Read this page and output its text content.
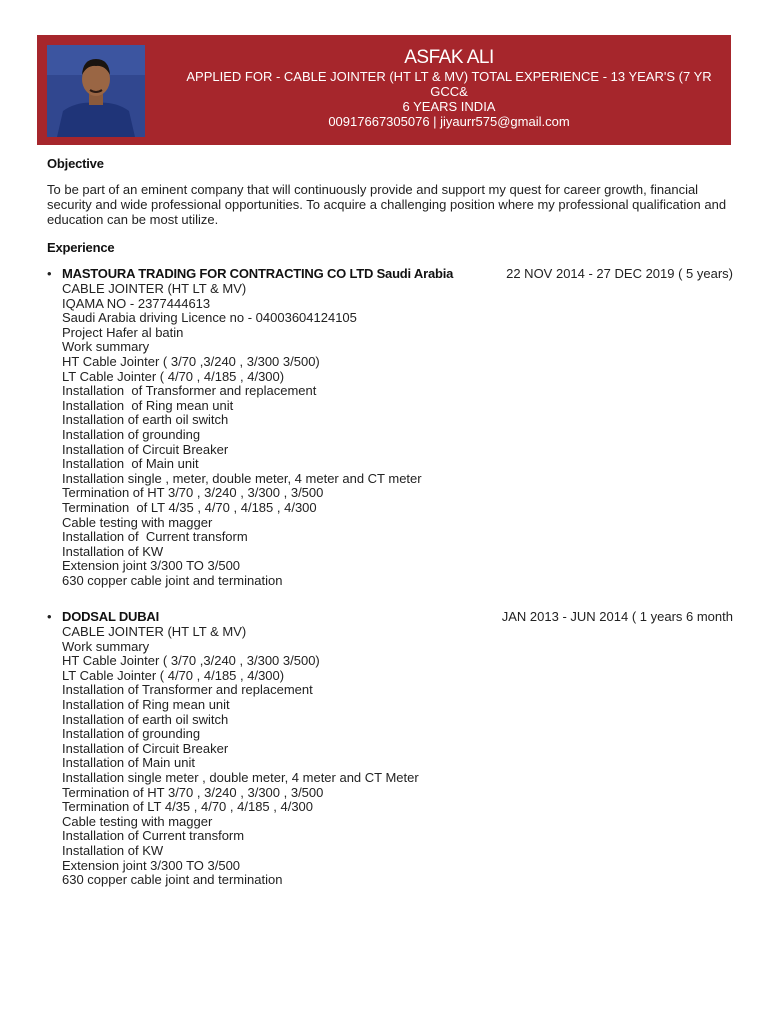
ASFAK ALI
APPLIED FOR - CABLE JOINTER (HT LT & MV) TOTAL EXPERIENCE - 13 YEAR'S (7 YR GCC&
6 YEARS INDIA
00917667305076 | jiyaurr575@gmail.com
Objective
To be part of an eminent company that will continuously provide and support my quest for career growth, financial security and wide professional opportunities. To acquire a challenging position where my professional qualification and education can be most utilize.
Experience
• MASTOURA TRADING FOR CONTRACTING CO LTD Saudi Arabia	22 NOV 2014 - 27 DEC 2019 ( 5 years)
CABLE JOINTER (HT LT & MV)
IQAMA NO - 2377444613
Saudi Arabia driving Licence no - 04003604124105
Project Hafer al batin
Work summary
HT Cable Jointer ( 3/70 ,3/240 , 3/300 3/500)
LT Cable Jointer ( 4/70 , 4/185 , 4/300)
Installation  of Transformer and replacement
Installation  of Ring mean unit
Installation of earth oil switch
Installation of grounding
Installation of Circuit Breaker
Installation  of Main unit
Installation single , meter, double meter, 4 meter and CT meter
Termination of HT 3/70 , 3/240 , 3/300 , 3/500
Termination  of LT 4/35 , 4/70 , 4/185 , 4/300
Cable testing with magger
Installation of  Current transform
Installation of KW
Extension joint 3/300 TO 3/500
630 copper cable joint and termination
• DODSAL DUBAI	JAN 2013 - JUN 2014 ( 1 years 6 month
CABLE JOINTER (HT LT & MV)
Work summary
HT Cable Jointer ( 3/70 ,3/240 , 3/300 3/500)
LT Cable Jointer ( 4/70 , 4/185 , 4/300)
Installation of Transformer and replacement
Installation of Ring mean unit
Installation of earth oil switch
Installation of grounding
Installation of Circuit Breaker
Installation of Main unit
Installation single meter , double meter, 4 meter and CT Meter
Termination of HT 3/70 , 3/240 , 3/300 , 3/500
Termination of LT 4/35 , 4/70 , 4/185 , 4/300
Cable testing with magger
Installation of Current transform
Installation of KW
Extension joint 3/300 TO 3/500
630 copper cable joint and termination
